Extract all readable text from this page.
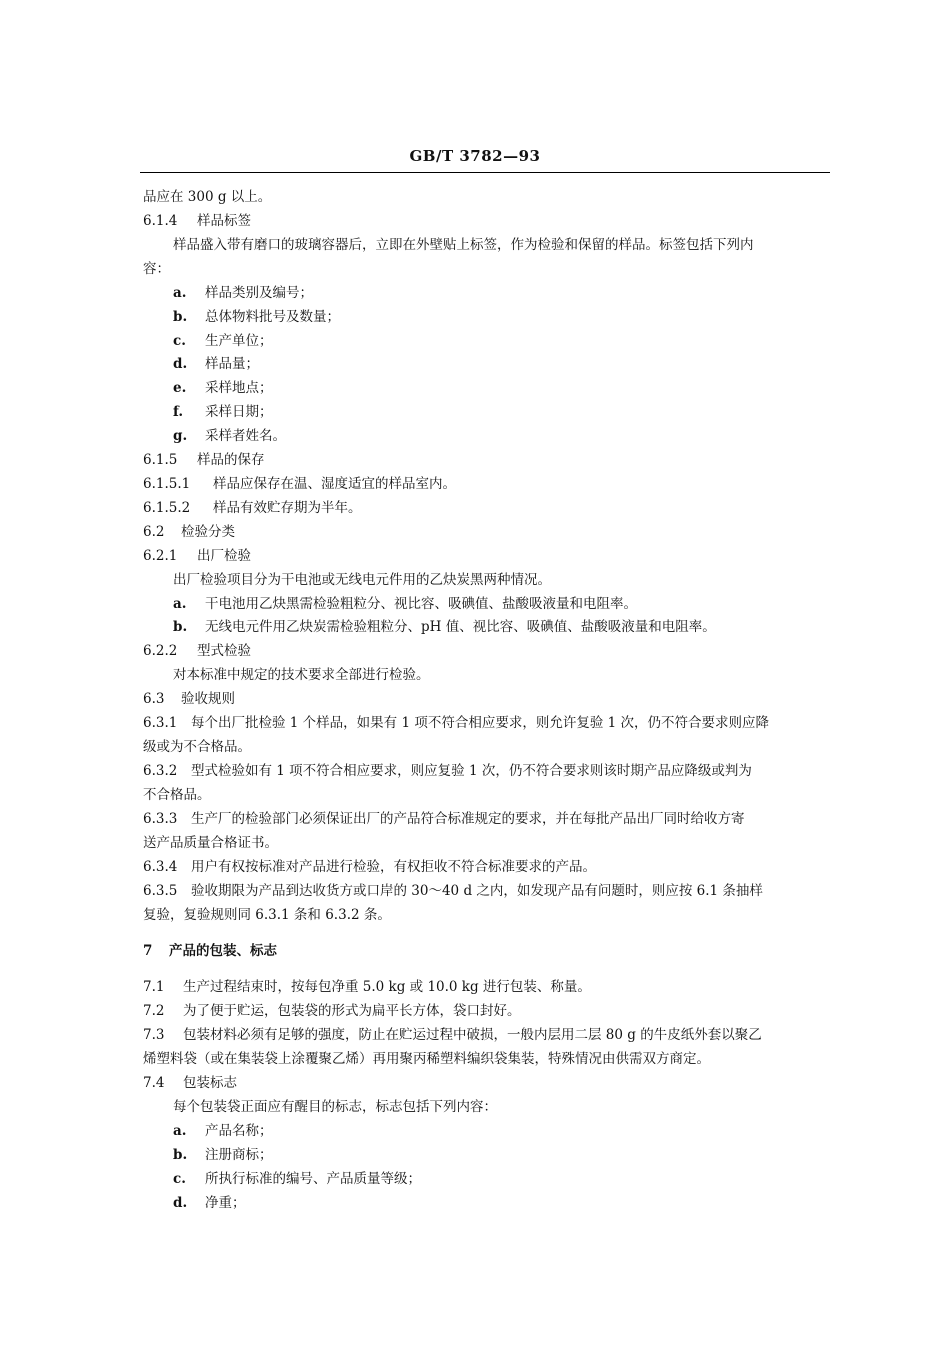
GB/T 3782—93
品应在 300 g 以上。
6.1.4 样品标签
样品盛入带有磨口的玻璃容器后，立即在外壁贴上标签，作为检验和保留的样品。标签包括下列内
容：
a. 样品类别及编号；
b. 总体物料批号及数量；
c. 生产单位；
d. 样品量；
e. 采样地点；
f. 采样日期；
g. 采样者姓名。
6.1.5 样品的保存
6.1.5.1 样品应保存在温、湿度适宜的样品室内。
6.1.5.2 样品有效贮存期为半年。
6.2 检验分类
6.2.1 出厂检验
出厂检验项目分为干电池或无线电元件用的乙炔炭黑两种情况。
a. 干电池用乙炔黑需检验粗粒分、视比容、吸碘值、盐酸吸液量和电阻率。
b. 无线电元件用乙炔炭需检验粗粒分、pH 值、视比容、吸碘值、盐酸吸液量和电阻率。
6.2.2 型式检验
对本标准中规定的技术要求全部进行检验。
6.3 验收规则
6.3.1 每个出厂批检验 1 个样品，如果有 1 项不符合相应要求，则允许复验 1 次，仍不符合要求则应降
级或为不合格品。
6.3.2 型式检验如有 1 项不符合相应要求，则应复验 1 次，仍不符合要求则该时期产品应降级或判为
不合格品。
6.3.3 生产厂的检验部门必须保证出厂的产品符合标准规定的要求，并在每批产品出厂同时给收方寄
送产品质量合格证书。
6.3.4 用户有权按标准对产品进行检验，有权拒收不符合标准要求的产品。
6.3.5 验收期限为产品到达收货方或口岸的 30～40 d 之内，如发现产品有问题时，则应按 6.1 条抽样
复验，复验规则同 6.3.1 条和 6.3.2 条。
7 产品的包装、标志
7.1 生产过程结束时，按每包净重 5.0 kg 或 10.0 kg 进行包装、称量。
7.2 为了便于贮运，包装袋的形式为扁平长方体，袋口封好。
7.3 包装材料必须有足够的强度，防止在贮运过程中破损，一般内层用二层 80 g 的牛皮纸外套以聚乙
烯塑料袋（或在集装袋上涂覆聚乙烯）再用聚丙稀塑料编织袋集装，特殊情况由供需双方商定。
7.4 包装标志
每个包装袋正面应有醒目的标志，标志包括下列内容：
a. 产品名称；
b. 注册商标；
c. 所执行标准的编号、产品质量等级；
d. 净重；
